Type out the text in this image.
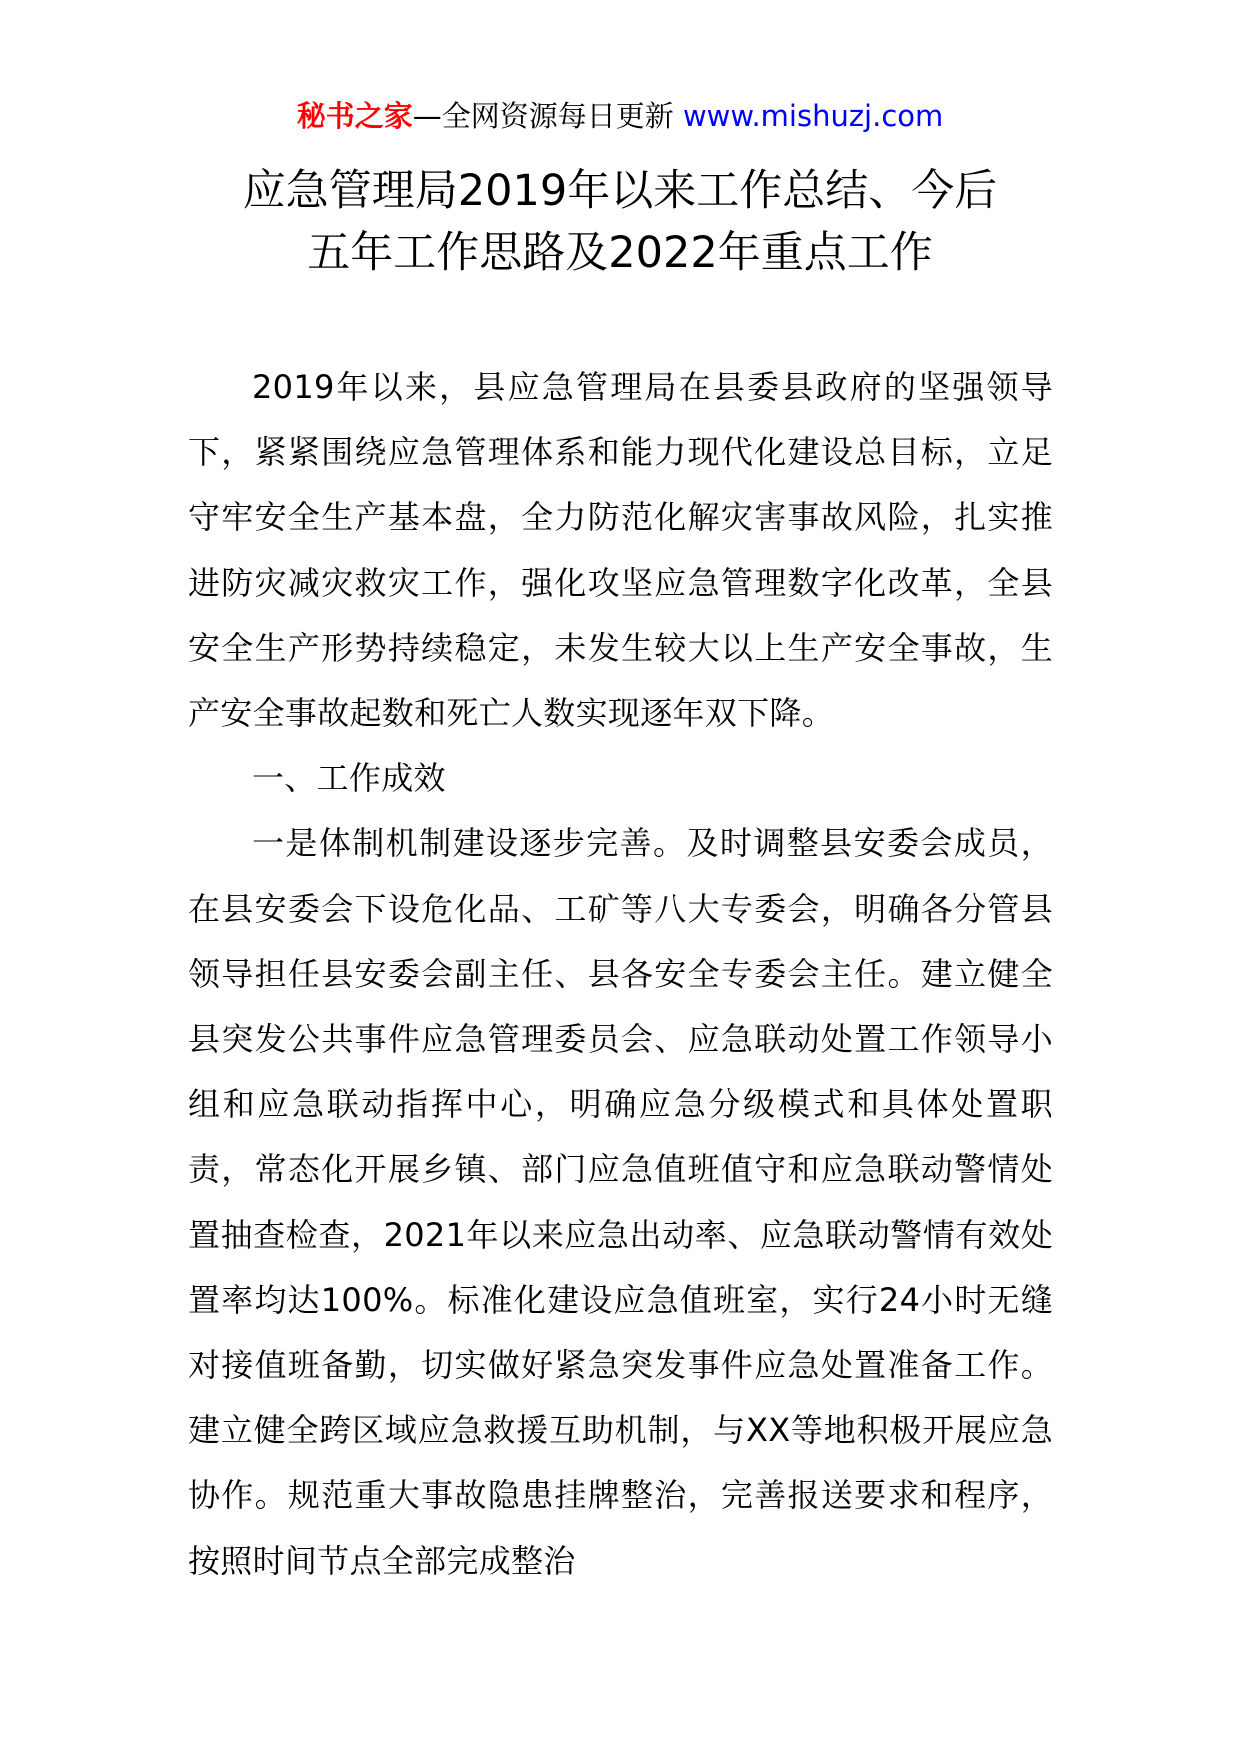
秘书之家—全网资源每日更新 www.mishuzj.com
应急管理局2019年以来工作总结、今后
五年工作思路及2022年重点工作

2019年以来，县应急管理局在县委县政府的坚强领导下，紧紧围绕应急管理体系和能力现代化建设总目标，立足守牢安全生产基本盘，全力防范化解灾害事故风险，扎实推进防灾减灾救灾工作，强化攻坚应急管理数字化改革，全县安全生产形势持续稳定，未发生较大以上生产安全事故，生产安全事故起数和死亡人数实现逐年双下降。

一、工作成效

一是体制机制建设逐步完善。及时调整县安委会成员，在县安委会下设危化品、工矿等八大专委会，明确各分管县领导担任县安委会副主任、县各安全专委会主任。建立健全县突发公共事件应急管理委员会、应急联动处置工作领导小组和应急联动指挥中心，明确应急分级模式和具体处置职责，常态化开展乡镇、部门应急值班值守和应急联动警情处置抽查检查，2021年以来应急出动率、应急联动警情有效处置率均达100%。标准化建设应急值班室，实行24小时无缝对接值班备勤，切实做好紧急突发事件应急处置准备工作。建立健全跨区域应急救援互助机制，与XX等地积极开展应急协作。规范重大事故隐患挂牌整治，完善报送要求和程序，按照时间节点全部完成整治
